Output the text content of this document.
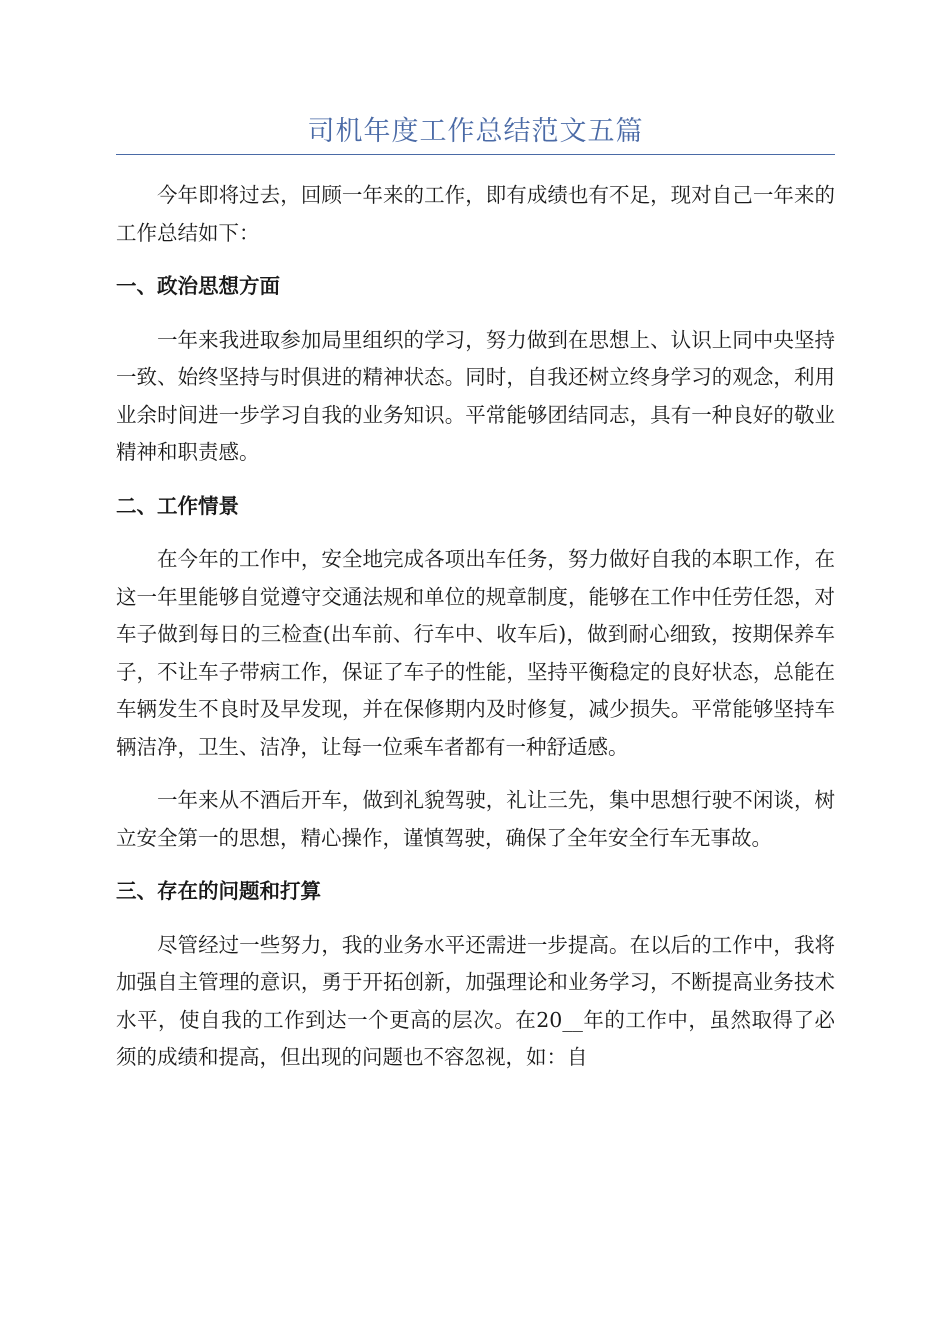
司机年度工作总结范文五篇

今年即将过去，回顾一年来的工作，即有成绩也有不足，现对自己一年来的工作总结如下：

一、政治思想方面

一年来我进取参加局里组织的学习，努力做到在思想上、认识上同中央坚持一致、始终坚持与时俱进的精神状态。同时，自我还树立终身学习的观念，利用业余时间进一步学习自我的业务知识。平常能够团结同志，具有一种良好的敬业精神和职责感。

二、工作情景

在今年的工作中，安全地完成各项出车任务，努力做好自我的本职工作，在这一年里能够自觉遵守交通法规和单位的规章制度，能够在工作中任劳任怨，对车子做到每日的三检查(出车前、行车中、收车后)，做到耐心细致，按期保养车子，不让车子带病工作，保证了车子的性能，坚持平衡稳定的良好状态，总能在车辆发生不良时及早发现，并在保修期内及时修复，减少损失。平常能够坚持车辆洁净，卫生、洁净，让每一位乘车者都有一种舒适感。

一年来从不酒后开车，做到礼貌驾驶，礼让三先，集中思想行驶不闲谈，树立安全第一的思想，精心操作，谨慎驾驶，确保了全年安全行车无事故。

三、存在的问题和打算

尽管经过一些努力，我的业务水平还需进一步提高。在以后的工作中，我将加强自主管理的意识，勇于开拓创新，加强理论和业务学习，不断提高业务技术水平，使自我的工作到达一个更高的层次。在20__年的工作中，虽然取得了必须的成绩和提高，但出现的问题也不容忽视，如：自
